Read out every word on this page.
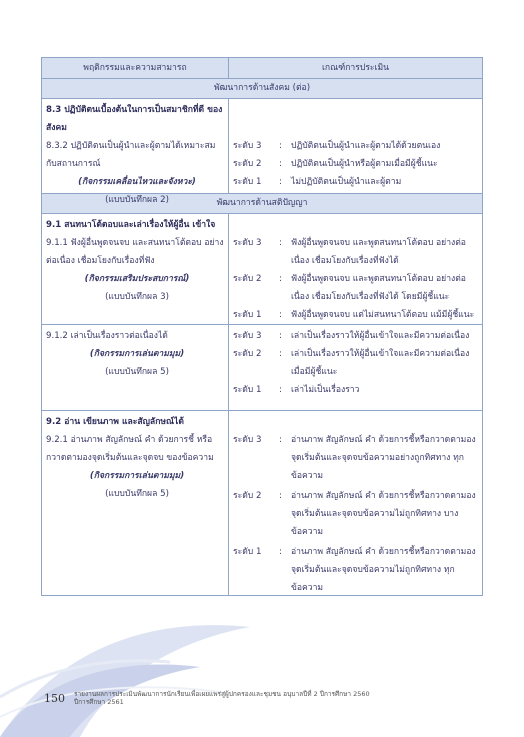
พฤติกรรมและความสามารถ	เกณฑ์การประเมิน
พัฒนาการด้านสังคม (ต่อ)
8.3 ปฏิบัติตนเบื้องต้นในการเป็นสมาชิกที่ดี ของสังคม
8.3.2 ปฏิบัติตนเป็นผู้นำและผู้ตามได้เหมาะสม กับสถานการณ์
(กิจกรรมเคลื่อนไหวและจังหวะ)
(แบบบันทึกผล 2)
ระดับ 3	:	ปฏิบัติตนเป็นผู้นำและผู้ตามได้ด้วยตนเอง
ระดับ 2	:	ปฏิบัติตนเป็นผู้นำหรือผู้ตามเมื่อมีผู้ชี้แนะ
ระดับ 1	:	ไม่ปฏิบัติตนเป็นผู้นำและผู้ตาม
พัฒนาการด้านสติปัญญา
9.1 สนทนาโต้ตอบและเล่าเรื่องให้ผู้อื่น เข้าใจ
9.1.1 ฟังผู้อื่นพูดจนจบ และสนทนาโต้ตอบ อย่างต่อเนื่อง เชื่อมโยงกับเรื่องที่ฟัง
(กิจกรรมเสริมประสบการณ์)
(แบบบันทึกผล 3)
ระดับ 3	:	ฟังผู้อื่นพูดจนจบ และพูดสนทนาโต้ตอบ อย่างต่อเนื่อง เชื่อมโยงกับเรื่องที่ฟังได้
ระดับ 2	:	ฟังผู้อื่นพูดจนจบ และพูดสนทนาโต้ตอบ อย่างต่อเนื่อง เชื่อมโยงกับเรื่องที่ฟังได้ โดยมีผู้ชี้แนะ
ระดับ 1	:	ฟังผู้อื่นพูดจนจบ แต่ไม่สนทนาโต้ตอบ แม้มีผู้ชี้แนะ
9.1.2 เล่าเป็นเรื่องราวต่อเนื่องได้
(กิจกรรมการเล่นตามมุม)
(แบบบันทึกผล 5)
ระดับ 3	:	เล่าเป็นเรื่องราวให้ผู้อื่นเข้าใจและมีความต่อเนื่อง
ระดับ 2	:	เล่าเป็นเรื่องราวให้ผู้อื่นเข้าใจและมีความต่อเนื่อง เมื่อมีผู้ชี้แนะ
ระดับ 1	:	เล่าไม่เป็นเรื่องราว
9.2 อ่าน เขียนภาพ และสัญลักษณ์ได้
9.2.1 อ่านภาพ สัญลักษณ์ คำ ด้วยการชี้ หรือกวาดตามองจุดเริ่มต้นและจุดจบ ของข้อความ
(กิจกรรมการเล่นตามมุม)
(แบบบันทึกผล 5)
ระดับ 3	:	อ่านภาพ สัญลักษณ์ คำ ด้วยการชี้หรือกวาดตามอง จุดเริ่มต้นและจุดจบข้อความอย่างถูกทิศทาง ทุกข้อความ
ระดับ 2	:	อ่านภาพ สัญลักษณ์ คำ ด้วยการชี้หรือกวาดตามอง จุดเริ่มต้นและจุดจบข้อความไม่ถูกทิศทาง บางข้อความ
ระดับ 1	:	อ่านภาพ สัญลักษณ์ คำ ด้วยการชี้หรือกวาดตามอง จุดเริ่มต้นและจุดจบข้อความไม่ถูกทิศทาง ทุกข้อความ
150	รายงานผลการประเมินพัฒนาการนักเรียนเพื่อเผยแพร่สู่ผู้ปกครองและชุมชน อนุบาลปีที่ 2 ปีการศึกษา 2560
ปีการศึกษา 2561
